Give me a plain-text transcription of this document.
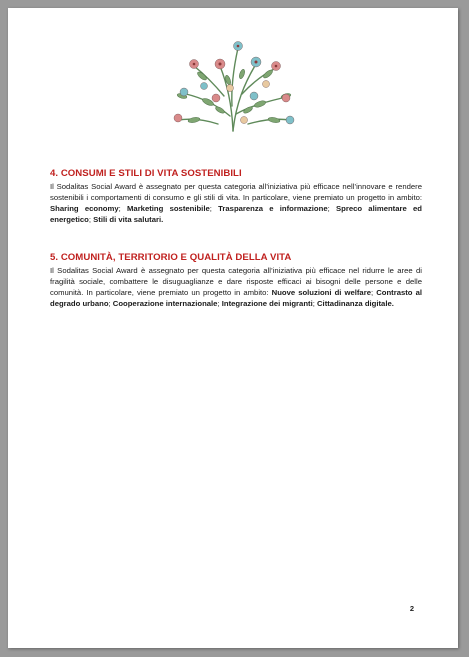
4. CONSUMI E STILI DI VITA SOSTENIBILI

Il Sodalitas Social Award è assegnato per questa categoria all’iniziativa più efficace nell’innovare e rendere sostenibili i comportamenti di consumo e gli stili di vita. In particolare, viene premiato un progetto in ambito: Sharing economy; Marketing sostenibile; Trasparenza e informazione; Spreco alimentare ed energetico; Stili di vita salutari.

5. COMUNITÀ, TERRITORIO E QUALITÀ DELLA VITA

Il Sodalitas Social Award è assegnato per questa categoria all’iniziativa più efficace nel ridurre le aree di fragilità sociale, combattere le disuguaglianze e dare risposte efficaci ai bisogni delle persone e delle comunità. In particolare, viene premiato un progetto in ambito: Nuove soluzioni di welfare; Contrasto al degrado urbano; Cooperazione internazionale; Integrazione dei migranti; Cittadinanza digitale.

2
